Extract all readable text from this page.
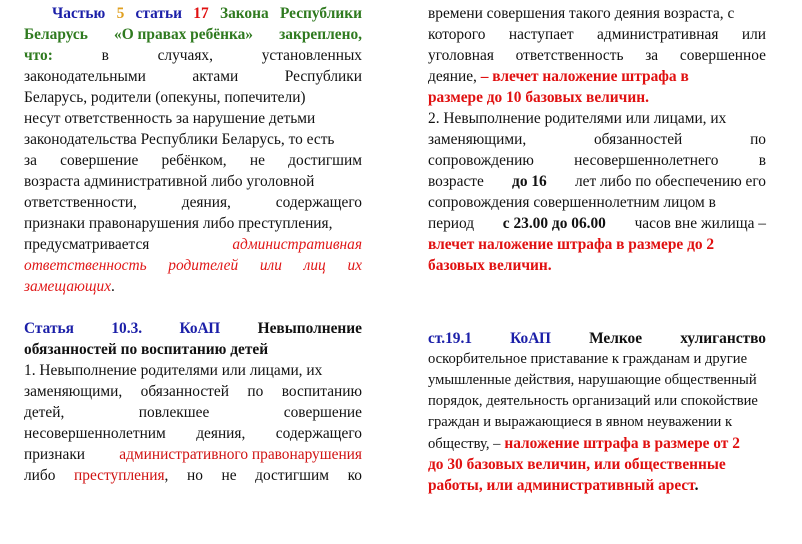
Частью 5 статьи 17 Закона Республики
Беларусь «О правах ребёнка» закреплено,
что:	в	случаях,	установленных
законодательными	актами	Республики
Беларусь, родители (опекуны, попечители)
несут ответственность за нарушение детьми
законодательства Республики Беларусь, то есть
за совершение ребёнком, не достигшим
возраста административной либо уголовной
ответственности,	деяния,	содержащего
признаки правонарушения либо преступления,
предусматривается	административная
ответственность родителей или лиц их
замещающих.
Статья 10.3. КоАП Невыполнение
обязанностей по воспитанию детей
1. Невыполнение родителями или лицами, их
заменяющими, обязанностей по воспитанию
детей,	повлекшее	совершение
несовершеннолетним деяния, содержащего
признаки административного правонарушения
либо преступления, но не достигшим ко
времени совершения такого деяния возраста, с
которого наступает административная или
уголовная ответственность за совершенное
деяние, – влечет наложение штрафа в
размере до 10 базовых величин.
2. Невыполнение родителями или лицами, их
заменяющими,	обязанностей	по
сопровождению	несовершеннолетнего	в
возрасте до 16 лет либо по обеспечению его
сопровождения совершеннолетним лицом в
период с 23.00 до 06.00 часов вне жилища –
влечет наложение штрафа в размере до 2
базовых величин.
ст.19.1 КоАП Мелкое хулиганство
оскорбительное приставание к гражданам и другие
умышленные действия, нарушающие общественный
порядок, деятельность организаций или спокойствие
граждан и выражающиеся в явном неуважении к
обществу, – наложение штрафа в размере от 2
до 30 базовых величин, или общественные
работы, или административный арест.
